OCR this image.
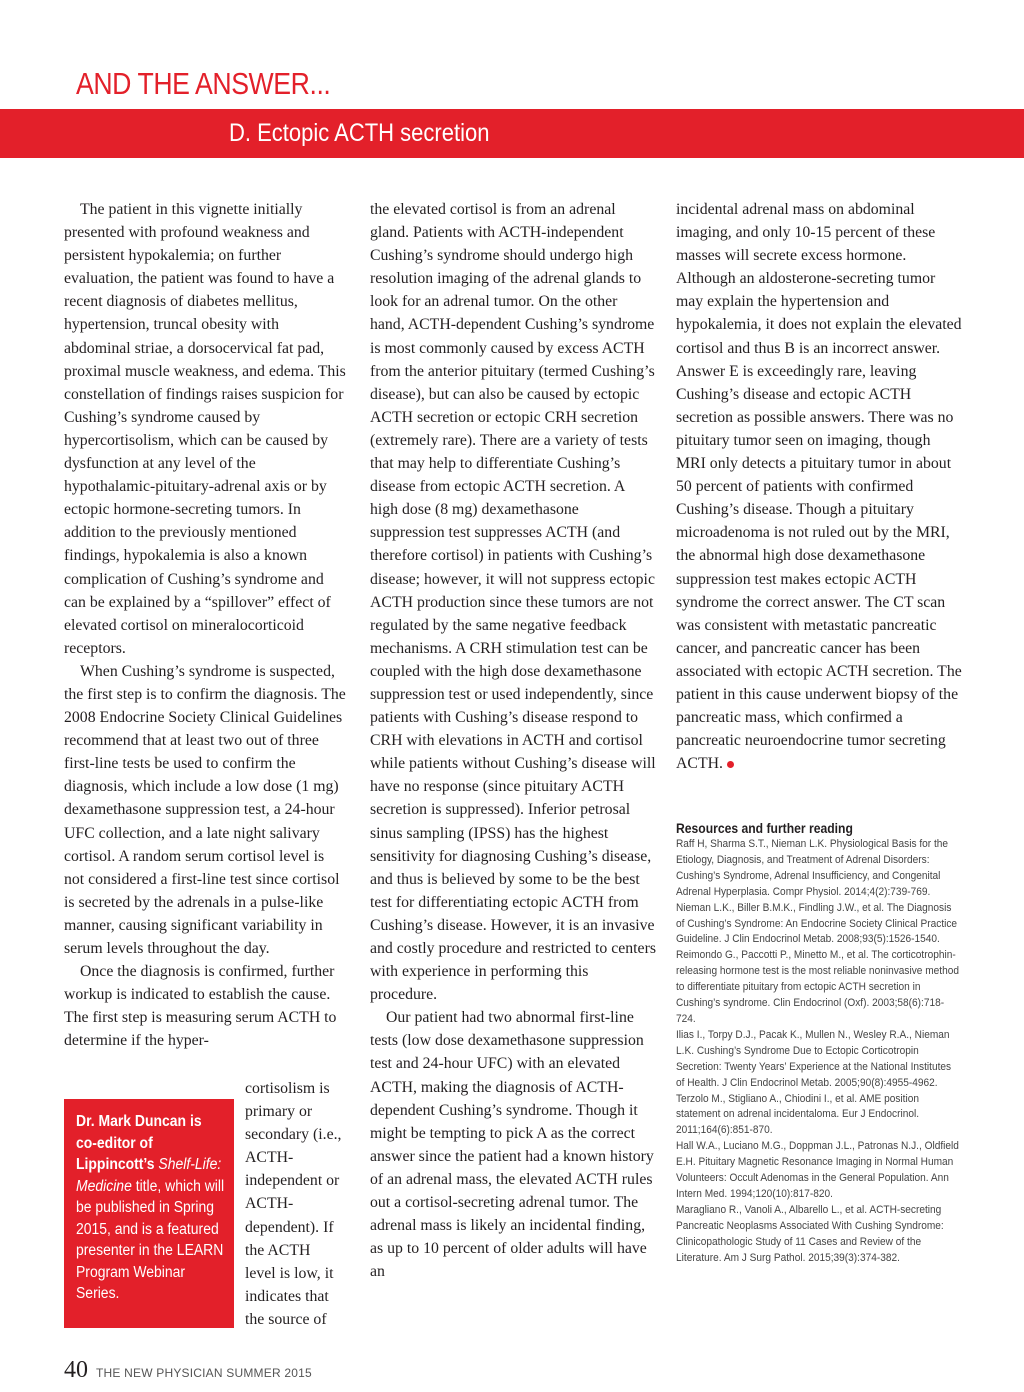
AND THE ANSWER...
D. Ectopic ACTH secretion

The patient in this vignette initially presented with profound weakness and persistent hypokalemia; on further evaluation, the patient was found to have a recent diagnosis of diabetes mellitus, hypertension, truncal obesity with abdominal striae, a dorsocervical fat pad, proximal muscle weakness, and edema. This constellation of findings raises suspicion for Cushing’s syndrome caused by hypercortisolism, which can be caused by dysfunction at any level of the hypothalamic-pituitary-adrenal axis or by ectopic hormone-secreting tumors. In addition to the previously mentioned findings, hypokalemia is also a known complication of Cushing’s syndrome and can be explained by a “spillover” effect of elevated cortisol on mineralocorticoid receptors.

When Cushing’s syndrome is suspected, the first step is to confirm the diagnosis. The 2008 Endocrine Society Clinical Guidelines recommend that at least two out of three first-line tests be used to confirm the diagnosis, which include a low dose (1 mg) dexamethasone suppression test, a 24-hour UFC collection, and a late night salivary cortisol. A random serum cortisol level is not considered a first-line test since cortisol is secreted by the adrenals in a pulse-like manner, causing significant variability in serum levels throughout the day.

Once the diagnosis is confirmed, further workup is indicated to establish the cause. The first step is measuring serum ACTH to determine if the hyper-

cortisolism is primary or secondary (i.e., ACTH-independent or ACTH-dependent). If the ACTH level is low, it indicates that the source of

Dr. Mark Duncan is co-editor of Lippincott’s Shelf-Life: Medicine title, which will be published in Spring 2015, and is a featured presenter in the LEARN Program Webinar Series.

the elevated cortisol is from an adrenal gland. Patients with ACTH-independent Cushing’s syndrome should undergo high resolution imaging of the adrenal glands to look for an adrenal tumor. On the other hand, ACTH-dependent Cushing’s syndrome is most commonly caused by excess ACTH from the anterior pituitary (termed Cushing’s disease), but can also be caused by ectopic ACTH secretion or ectopic CRH secretion (extremely rare). There are a variety of tests that may help to differentiate Cushing’s disease from ectopic ACTH secretion. A high dose (8 mg) dexamethasone suppression test suppresses ACTH (and therefore cortisol) in patients with Cushing’s disease; however, it will not suppress ectopic ACTH production since these tumors are not regulated by the same negative feedback mechanisms. A CRH stimulation test can be coupled with the high dose dexamethasone suppression test or used independently, since patients with Cushing’s disease respond to CRH with elevations in ACTH and cortisol while patients without Cushing’s disease will have no response (since pituitary ACTH secretion is suppressed). Inferior petrosal sinus sampling (IPSS) has the highest sensitivity for diagnosing Cushing’s disease, and thus is believed by some to be the best test for differentiating ectopic ACTH from Cushing’s disease. However, it is an invasive and costly procedure and restricted to centers with experience in performing this procedure.

Our patient had two abnormal first-line tests (low dose dexamethasone suppression test and 24-hour UFC) with an elevated ACTH, making the diagnosis of ACTH-dependent Cushing’s syndrome. Though it might be tempting to pick A as the correct answer since the patient had a known history of an adrenal mass, the elevated ACTH rules out a cortisol-secreting adrenal tumor. The adrenal mass is likely an incidental finding, as up to 10 percent of older adults will have an

incidental adrenal mass on abdominal imaging, and only 10-15 percent of these masses will secrete excess hormone. Although an aldosterone-secreting tumor may explain the hypertension and hypokalemia, it does not explain the elevated cortisol and thus B is an incorrect answer. Answer E is exceedingly rare, leaving Cushing’s disease and ectopic ACTH secretion as possible answers. There was no pituitary tumor seen on imaging, though MRI only detects a pituitary tumor in about 50 percent of patients with confirmed Cushing’s disease. Though a pituitary microadenoma is not ruled out by the MRI, the abnormal high dose dexamethasone suppression test makes ectopic ACTH syndrome the correct answer. The CT scan was consistent with metastatic pancreatic cancer, and pancreatic cancer has been associated with ectopic ACTH secretion. The patient in this cause underwent biopsy of the pancreatic mass, which confirmed a pancreatic neuroendocrine tumor secreting ACTH.

Resources and further reading

Raff H, Sharma S.T., Nieman L.K. Physiological Basis for the Etiology, Diagnosis, and Treatment of Adrenal Disorders: Cushing’s Syndrome, Adrenal Insufficiency, and Congenital Adrenal Hyperplasia. Compr Physiol. 2014;4(2):739-769.

Nieman L.K., Biller B.M.K., Findling J.W., et al. The Diagnosis of Cushing’s Syndrome: An Endocrine Society Clinical Practice Guideline. J Clin Endocrinol Metab. 2008;93(5):1526-1540.

Reimondo G., Paccotti P., Minetto M., et al. The corticotrophin-releasing hormone test is the most reliable noninvasive method to differentiate pituitary from ectopic ACTH secretion in Cushing’s syndrome. Clin Endocrinol (Oxf). 2003;58(6):718-724.

Ilias I., Torpy D.J., Pacak K., Mullen N., Wesley R.A., Nieman L.K. Cushing’s Syndrome Due to Ectopic Corticotropin Secretion: Twenty Years’ Experience at the National Institutes of Health. J Clin Endocrinol Metab. 2005;90(8):4955-4962.

Terzolo M., Stigliano A., Chiodini I., et al. AME position statement on adrenal incidentaloma. Eur J Endocrinol. 2011;164(6):851-870.

Hall W.A., Luciano M.G., Doppman J.L., Patronas N.J., Oldfield E.H. Pituitary Magnetic Resonance Imaging in Normal Human Volunteers: Occult Adenomas in the General Population. Ann Intern Med. 1994;120(10):817-820.

Maragliano R., Vanoli A., Albarello L., et al. ACTH-secreting Pancreatic Neoplasms Associated With Cushing Syndrome: Clinicopathologic Study of 11 Cases and Review of the Literature. Am J Surg Pathol. 2015;39(3):374-382.

40 THE NEW PHYSICIAN SUMMER 2015
